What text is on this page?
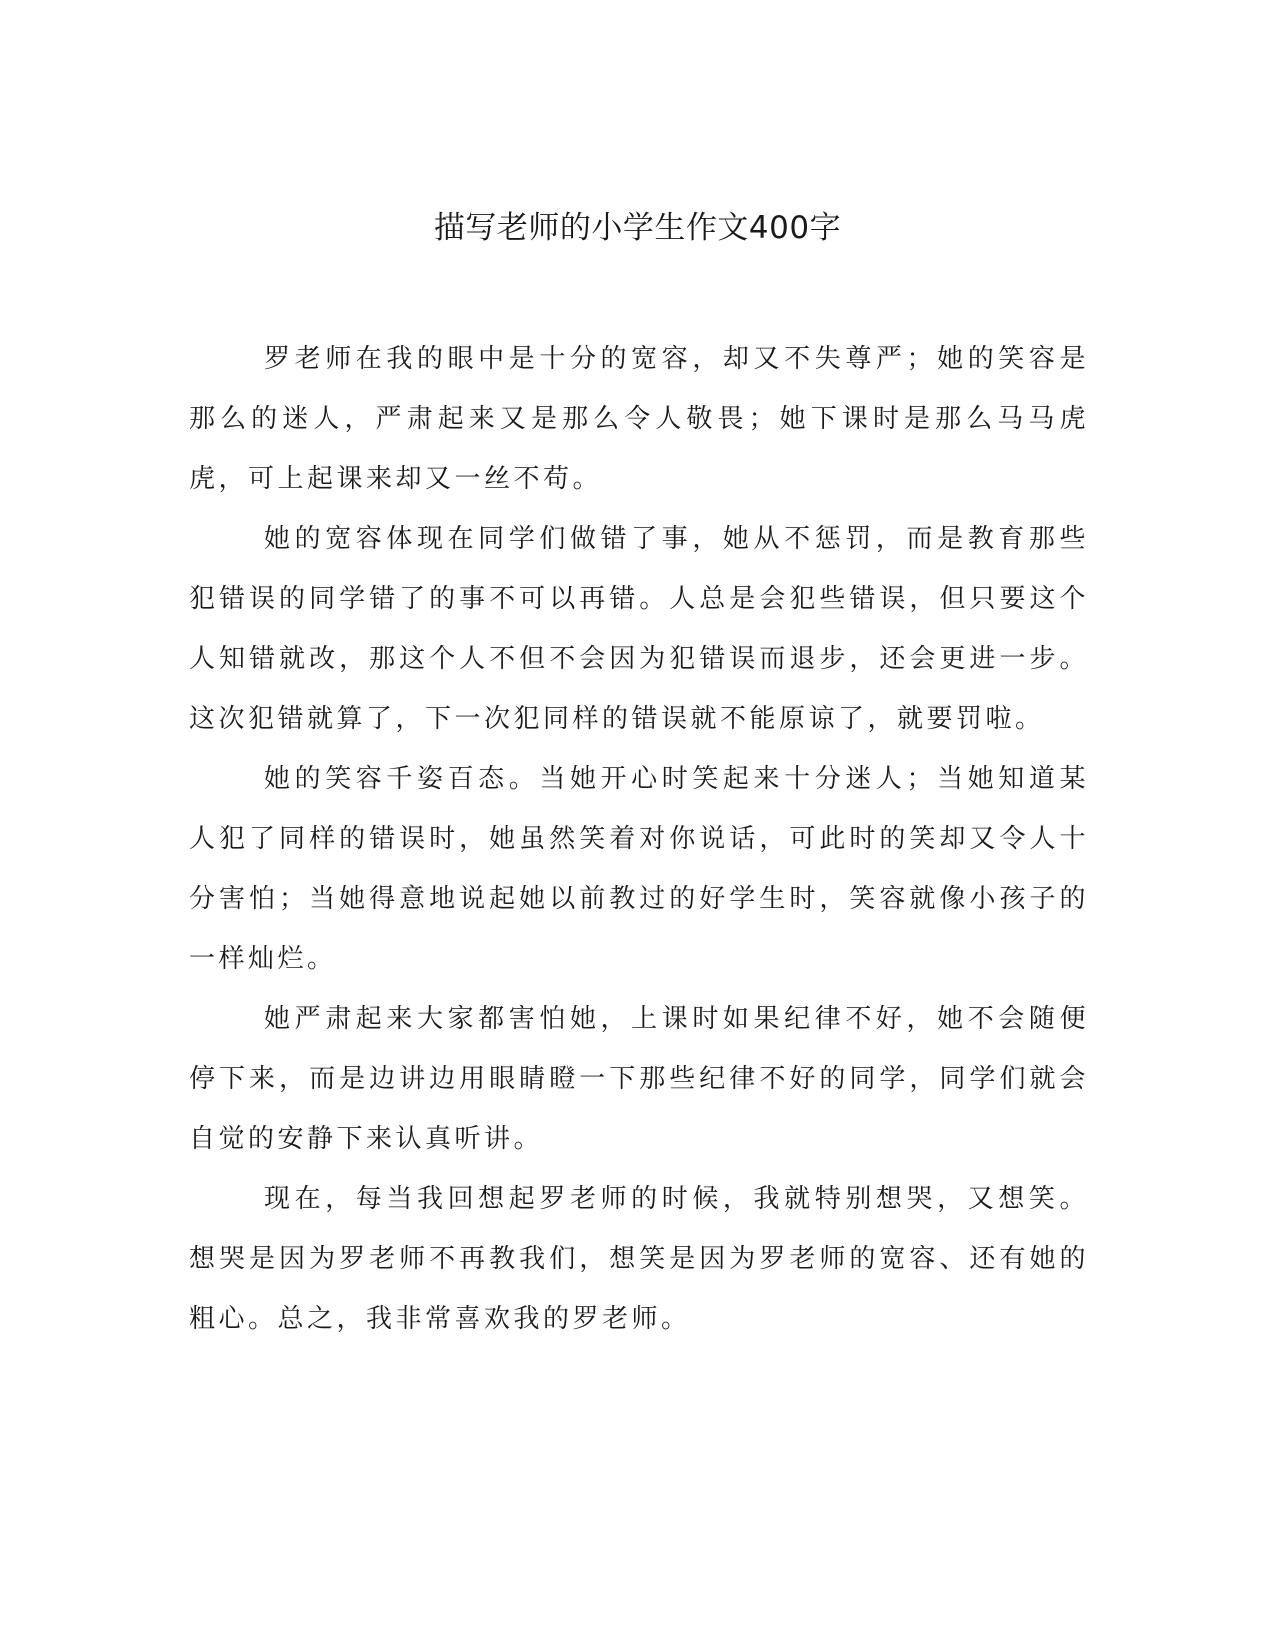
描写老师的小学生作文400字

罗老师在我的眼中是十分的宽容，却又不失尊严；她的笑容是那么的迷人，严肃起来又是那么令人敬畏；她下课时是那么马马虎虎，可上起课来却又一丝不苟。

她的宽容体现在同学们做错了事，她从不惩罚，而是教育那些犯错误的同学错了的事不可以再错。人总是会犯些错误，但只要这个人知错就改，那这个人不但不会因为犯错误而退步，还会更进一步。这次犯错就算了，下一次犯同样的错误就不能原谅了，就要罚啦。

她的笑容千姿百态。当她开心时笑起来十分迷人；当她知道某人犯了同样的错误时，她虽然笑着对你说话，可此时的笑却又令人十分害怕；当她得意地说起她以前教过的好学生时，笑容就像小孩子的一样灿烂。

她严肃起来大家都害怕她，上课时如果纪律不好，她不会随便停下来，而是边讲边用眼睛瞪一下那些纪律不好的同学，同学们就会自觉的安静下来认真听讲。

现在，每当我回想起罗老师的时候，我就特别想哭，又想笑。想哭是因为罗老师不再教我们，想笑是因为罗老师的宽容、还有她的粗心。总之，我非常喜欢我的罗老师。
